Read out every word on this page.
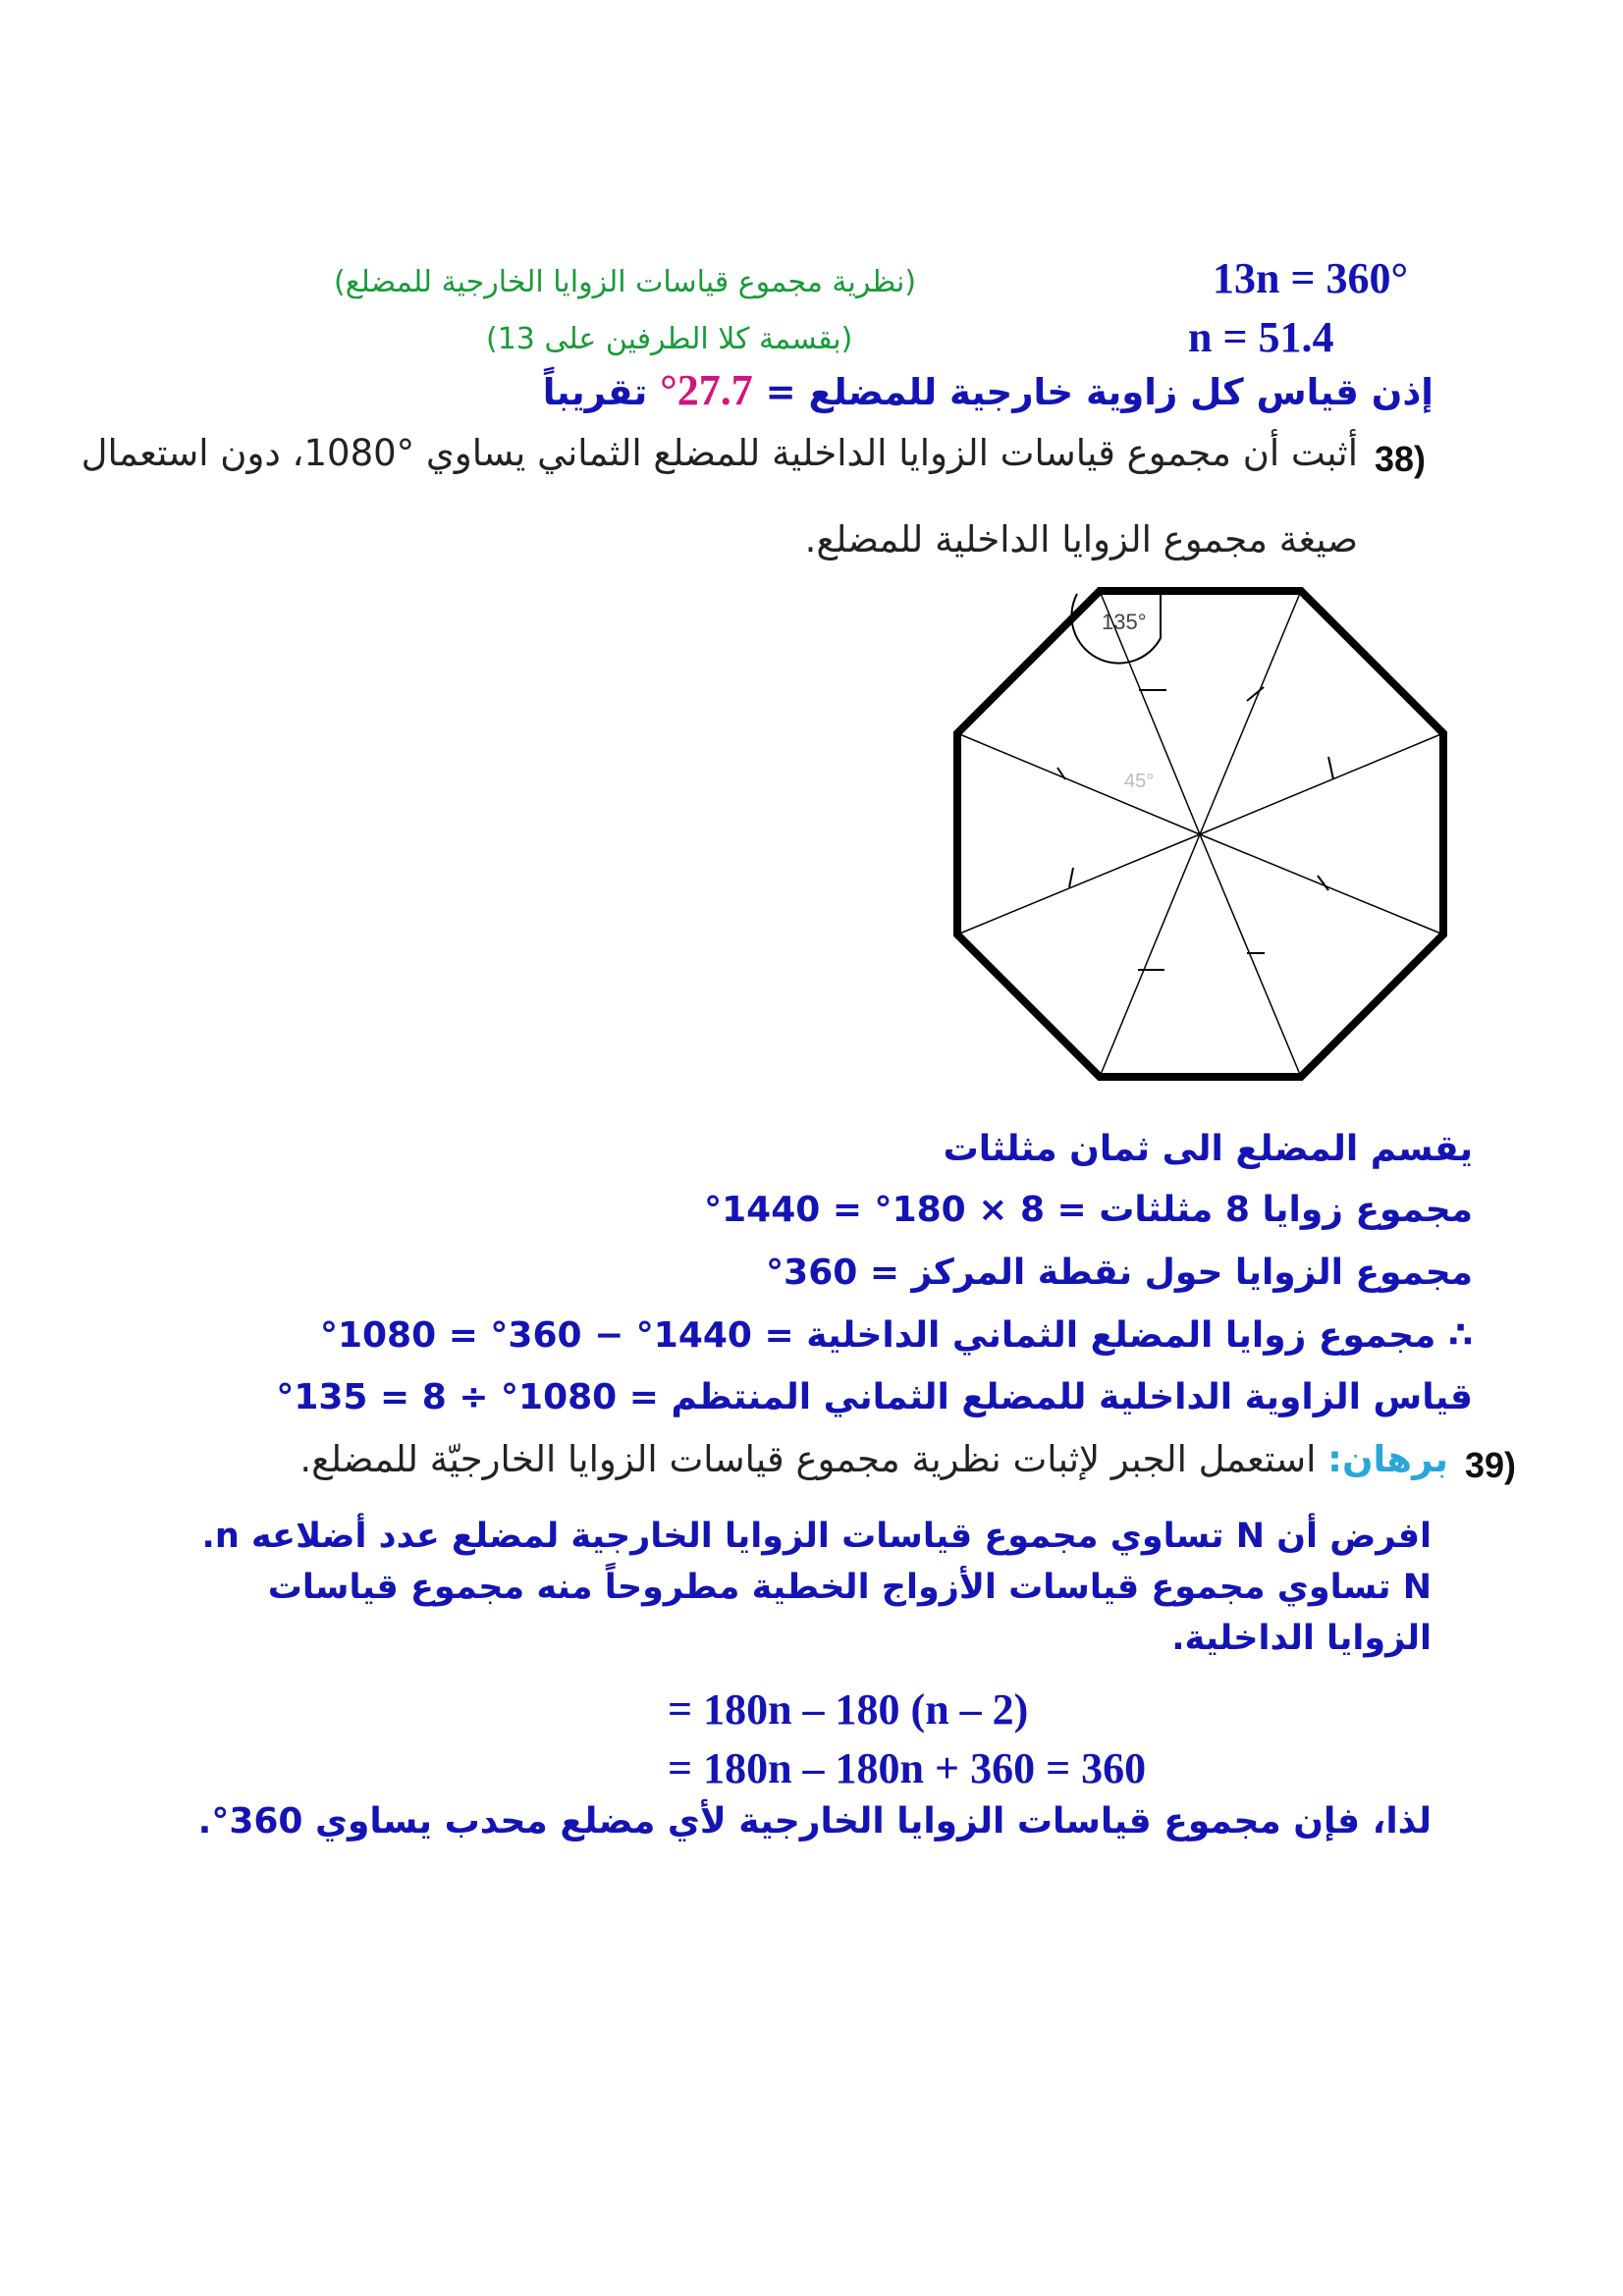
13n = 360°
(نظرية مجموع قياسات الزوايا الخارجية للمضلع)
n = 51.4
(بقسمة كلا الطرفين على 13)
إذن قياس كل زاوية خارجية للمضلع = 27.7° تقريباً
38)
أثبت أن مجموع قياسات الزوايا الداخلية للمضلع الثماني يساوي °1080، دون استعمال
صيغة مجموع الزوايا الداخلية للمضلع.
135°
45°
يقسم المضلع الى ثمان مثلثات
مجموع زوايا 8 مثلثات = 8 × 180° = 1440°
مجموع الزوايا حول نقطة المركز = 360°
∴ مجموع زوايا المضلع الثماني الداخلية = 1440° − 360° = 1080°
قياس الزاوية الداخلية للمضلع الثماني المنتظم = 1080° ÷ 8 = 135°
39)
برهان: استعمل الجبر لإثبات نظرية مجموع قياسات الزوايا الخارجيّة للمضلع.
افرض أن N تساوي مجموع قياسات الزوايا الخارجية لمضلع عدد أضلاعه n.
N تساوي مجموع قياسات الأزواج الخطية مطروحاً منه مجموع قياسات
الزوايا الداخلية.
= 180n – 180 (n – 2)
= 180n – 180n + 360 = 360
لذا، فإن مجموع قياسات الزوايا الخارجية لأي مضلع محدب يساوي 360°.
